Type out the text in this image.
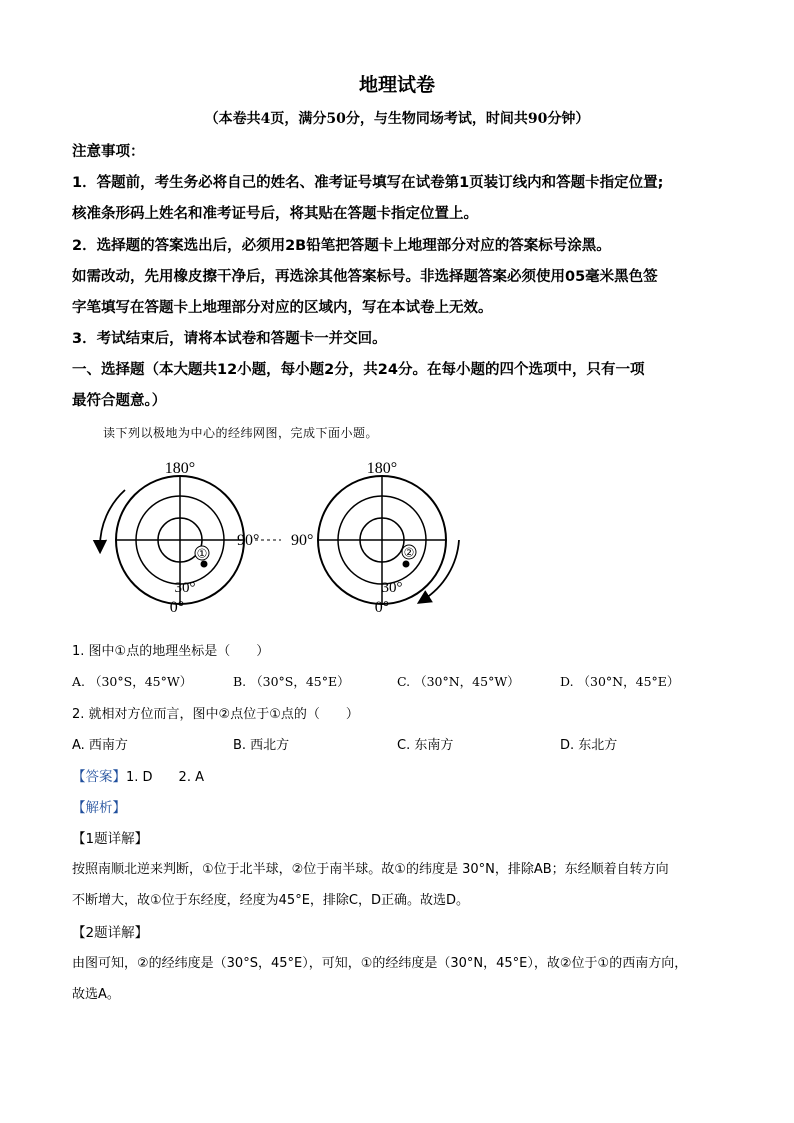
地理试卷
（本卷共4页，满分50分，与生物同场考试，时间共90分钟）
注意事项：
1．答题前，考生务必将自己的姓名、准考证号填写在试卷第1页装订线内和答题卡指定位置;
核准条形码上姓名和准考证号后，将其贴在答题卡指定位置上。
2．选择题的答案选出后，必须用2B铅笔把答题卡上地理部分对应的答案标号涂黑。
如需改动，先用橡皮擦干净后，再选涂其他答案标号。非选择题答案必须使用05毫米黑色签
字笔填写在答题卡上地理部分对应的区域内，写在本试卷上无效。
3．考试结束后，请将本试卷和答题卡一并交回。
一、选择题（本大题共12小题，每小题2分，共24分。在每小题的四个选项中，只有一项
最符合题意。）
读下列以极地为中心的经纬网图，完成下面小题。
①
180°
90°
30°
0°
②
180°
90°
30°
0°
1. 图中①点的地理坐标是（　　）
A. （30°S，45°W）	B. （30°S，45°E）	C. （30°N，45°W）	D. （30°N，45°E）
2. 就相对方位而言，图中②点位于①点的（　　）
A. 西南方	B. 西北方	C. 东南方	D. 东北方
【答案】1. D　　2. A
【解析】
【1题详解】
按照南顺北逆来判断，①位于北半球，②位于南半球。故①的纬度是 30°N，排除AB；东经顺着自转方向
不断增大，故①位于东经度，经度为45°E，排除C，D正确。故选D。
【2题详解】
由图可知，②的经纬度是（30°S，45°E），可知，①的经纬度是（30°N，45°E），故②位于①的西南方向，
故选A。
